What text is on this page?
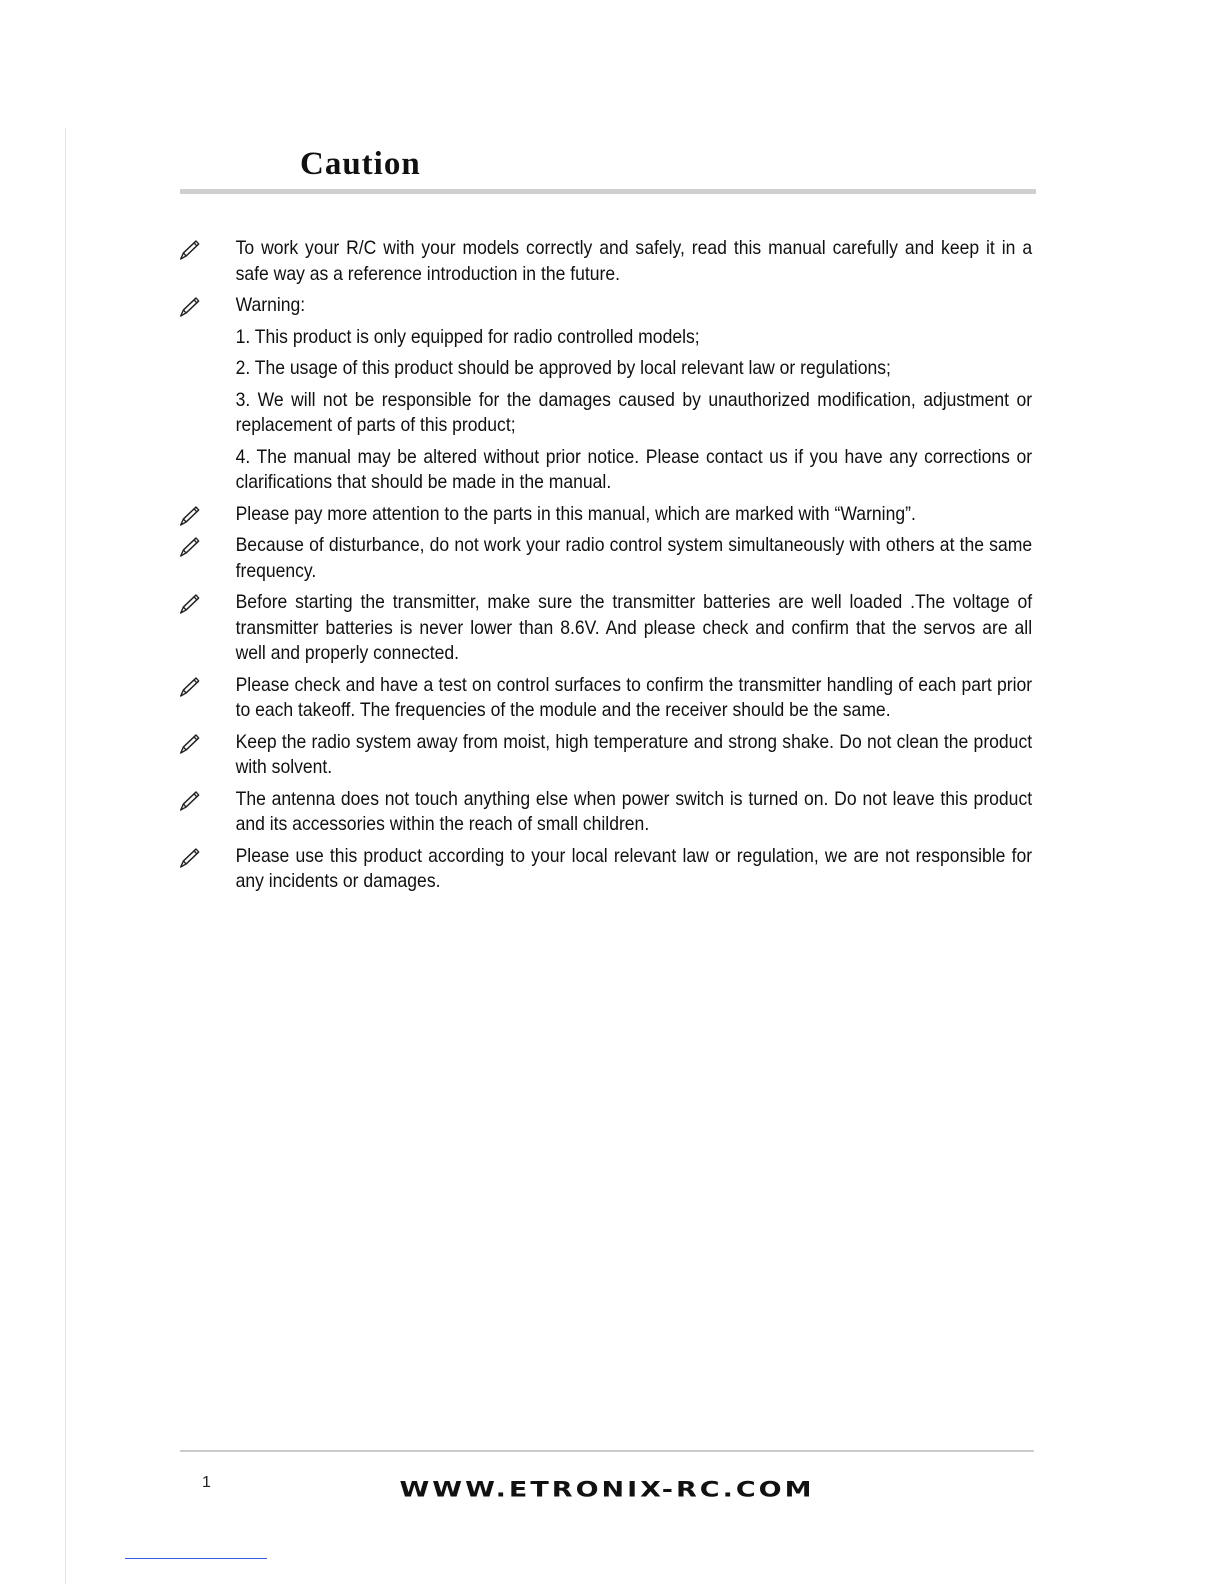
Caution
To work your R/C with your models correctly and safely, read this manual carefully and keep it in a safe way as a reference introduction in the future.
Warning:
1. This product is only equipped for radio controlled models;
2. The usage of this product should be approved by local relevant law or regulations;
3. We will not be responsible for the damages caused by unauthorized modification, adjustment or replacement of parts of this product;
4. The manual may be altered without prior notice. Please contact us if you have any corrections or clarifications that should be made in the manual.
Please pay more attention to the parts in this manual, which are marked with “Warning”.
Because of disturbance, do not work your radio control system simultaneously with others at the same frequency.
Before starting the transmitter, make sure the transmitter batteries are well loaded .The voltage of transmitter batteries is never lower than 8.6V. And please check and confirm that the servos are all well and properly connected.
Please check and have a test on control surfaces to confirm the transmitter handling of each part prior to each takeoff. The frequencies of the module and the receiver should be the same.
Keep the radio system away from moist, high temperature and strong shake. Do not clean the product with solvent.
The antenna does not touch anything else when power switch is turned on. Do not leave this product and its accessories within the reach of small children.
Please use this product according to your local relevant law or regulation, we are not responsible for any incidents or damages.
1	WWW.ETRONIX-RC.COM
